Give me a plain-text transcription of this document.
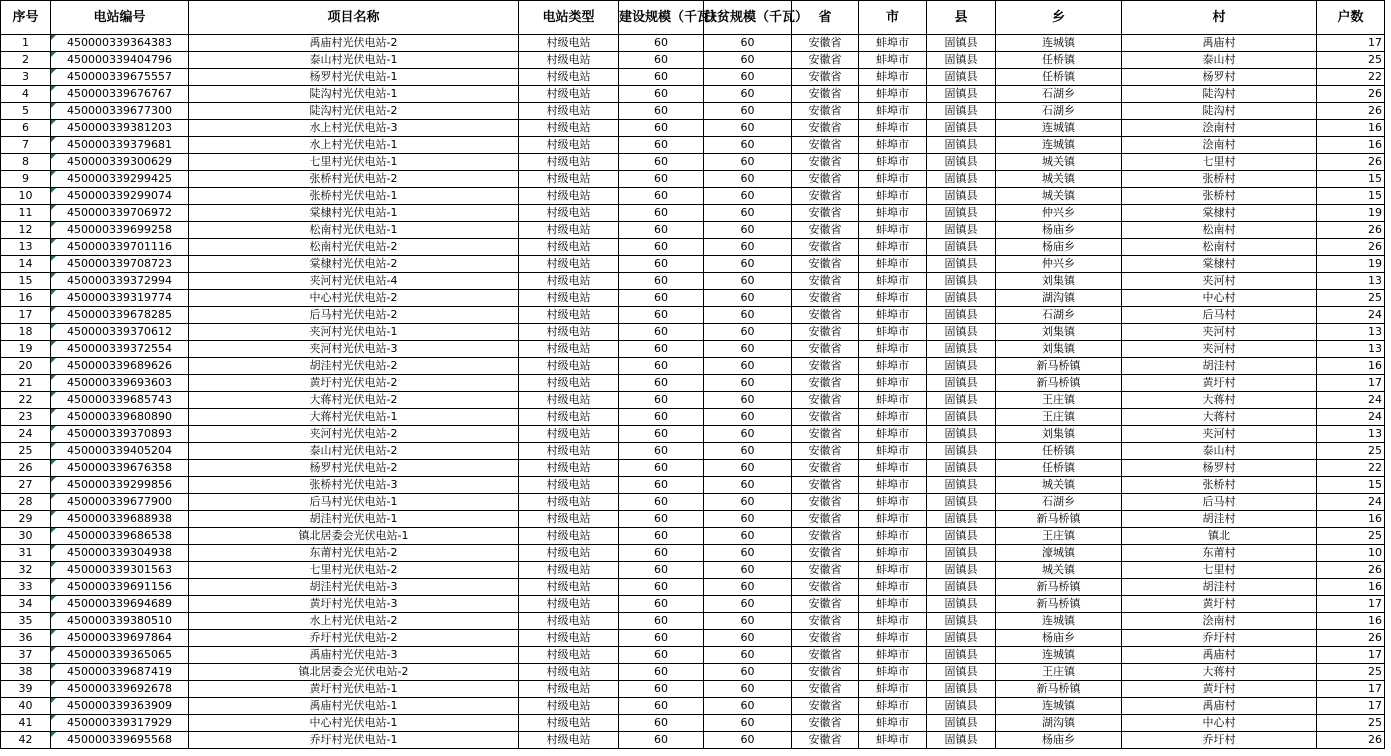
序号	电站编号	项目名称	电站类型	建设规模（千瓦）	扶贫规模（千瓦）	省	市	县	乡	村	户数
1	450000339364383	禹庙村光伏电站-2	村级电站	60	60	安徽省	蚌埠市	固镇县	连城镇	禹庙村	17
2	450000339404796	泰山村光伏电站-1	村级电站	60	60	安徽省	蚌埠市	固镇县	任桥镇	泰山村	25
3	450000339675557	杨罗村光伏电站-1	村级电站	60	60	安徽省	蚌埠市	固镇县	任桥镇	杨罗村	22
4	450000339676767	陡沟村光伏电站-1	村级电站	60	60	安徽省	蚌埠市	固镇县	石湖乡	陡沟村	26
5	450000339677300	陡沟村光伏电站-2	村级电站	60	60	安徽省	蚌埠市	固镇县	石湖乡	陡沟村	26
6	450000339381203	水上村光伏电站-3	村级电站	60	60	安徽省	蚌埠市	固镇县	连城镇	浍南村	16
7	450000339379681	水上村光伏电站-1	村级电站	60	60	安徽省	蚌埠市	固镇县	连城镇	浍南村	16
8	450000339300629	七里村光伏电站-1	村级电站	60	60	安徽省	蚌埠市	固镇县	城关镇	七里村	26
9	450000339299425	张桥村光伏电站-2	村级电站	60	60	安徽省	蚌埠市	固镇县	城关镇	张桥村	15
10	450000339299074	张桥村光伏电站-1	村级电站	60	60	安徽省	蚌埠市	固镇县	城关镇	张桥村	15
11	450000339706972	棠棣村光伏电站-1	村级电站	60	60	安徽省	蚌埠市	固镇县	仲兴乡	棠棣村	19
12	450000339699258	松南村光伏电站-1	村级电站	60	60	安徽省	蚌埠市	固镇县	杨庙乡	松南村	26
13	450000339701116	松南村光伏电站-2	村级电站	60	60	安徽省	蚌埠市	固镇县	杨庙乡	松南村	26
14	450000339708723	棠棣村光伏电站-2	村级电站	60	60	安徽省	蚌埠市	固镇县	仲兴乡	棠棣村	19
15	450000339372994	夹河村光伏电站-4	村级电站	60	60	安徽省	蚌埠市	固镇县	刘集镇	夹河村	13
16	450000339319774	中心村光伏电站-2	村级电站	60	60	安徽省	蚌埠市	固镇县	湖沟镇	中心村	25
17	450000339678285	后马村光伏电站-2	村级电站	60	60	安徽省	蚌埠市	固镇县	石湖乡	后马村	24
18	450000339370612	夹河村光伏电站-1	村级电站	60	60	安徽省	蚌埠市	固镇县	刘集镇	夹河村	13
19	450000339372554	夹河村光伏电站-3	村级电站	60	60	安徽省	蚌埠市	固镇县	刘集镇	夹河村	13
20	450000339689626	胡洼村光伏电站-2	村级电站	60	60	安徽省	蚌埠市	固镇县	新马桥镇	胡洼村	16
21	450000339693603	黄圩村光伏电站-2	村级电站	60	60	安徽省	蚌埠市	固镇县	新马桥镇	黄圩村	17
22	450000339685743	大蒋村光伏电站-2	村级电站	60	60	安徽省	蚌埠市	固镇县	王庄镇	大蒋村	24
23	450000339680890	大蒋村光伏电站-1	村级电站	60	60	安徽省	蚌埠市	固镇县	王庄镇	大蒋村	24
24	450000339370893	夹河村光伏电站-2	村级电站	60	60	安徽省	蚌埠市	固镇县	刘集镇	夹河村	13
25	450000339405204	泰山村光伏电站-2	村级电站	60	60	安徽省	蚌埠市	固镇县	任桥镇	泰山村	25
26	450000339676358	杨罗村光伏电站-2	村级电站	60	60	安徽省	蚌埠市	固镇县	任桥镇	杨罗村	22
27	450000339299856	张桥村光伏电站-3	村级电站	60	60	安徽省	蚌埠市	固镇县	城关镇	张桥村	15
28	450000339677900	后马村光伏电站-1	村级电站	60	60	安徽省	蚌埠市	固镇县	石湖乡	后马村	24
29	450000339688938	胡洼村光伏电站-1	村级电站	60	60	安徽省	蚌埠市	固镇县	新马桥镇	胡洼村	16
30	450000339686538	镇北居委会光伏电站-1	村级电站	60	60	安徽省	蚌埠市	固镇县	王庄镇	镇北	25
31	450000339304938	东莆村光伏电站-2	村级电站	60	60	安徽省	蚌埠市	固镇县	濠城镇	东莆村	10
32	450000339301563	七里村光伏电站-2	村级电站	60	60	安徽省	蚌埠市	固镇县	城关镇	七里村	26
33	450000339691156	胡洼村光伏电站-3	村级电站	60	60	安徽省	蚌埠市	固镇县	新马桥镇	胡洼村	16
34	450000339694689	黄圩村光伏电站-3	村级电站	60	60	安徽省	蚌埠市	固镇县	新马桥镇	黄圩村	17
35	450000339380510	水上村光伏电站-2	村级电站	60	60	安徽省	蚌埠市	固镇县	连城镇	浍南村	16
36	450000339697864	乔圩村光伏电站-2	村级电站	60	60	安徽省	蚌埠市	固镇县	杨庙乡	乔圩村	26
37	450000339365065	禹庙村光伏电站-3	村级电站	60	60	安徽省	蚌埠市	固镇县	连城镇	禹庙村	17
38	450000339687419	镇北居委会光伏电站-2	村级电站	60	60	安徽省	蚌埠市	固镇县	王庄镇	大蒋村	25
39	450000339692678	黄圩村光伏电站-1	村级电站	60	60	安徽省	蚌埠市	固镇县	新马桥镇	黄圩村	17
40	450000339363909	禹庙村光伏电站-1	村级电站	60	60	安徽省	蚌埠市	固镇县	连城镇	禹庙村	17
41	450000339317929	中心村光伏电站-1	村级电站	60	60	安徽省	蚌埠市	固镇县	湖沟镇	中心村	25
42	450000339695568	乔圩村光伏电站-1	村级电站	60	60	安徽省	蚌埠市	固镇县	杨庙乡	乔圩村	26
